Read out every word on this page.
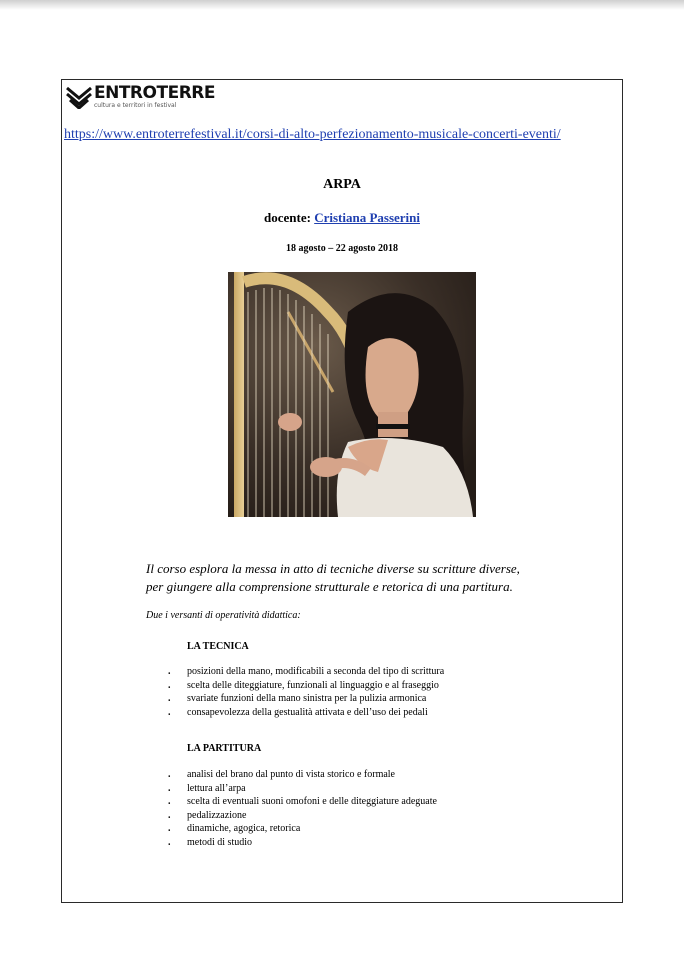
ENTROTERRE
cultura e territori in festival
https://www.entroterrefestival.it/corsi-di-alto-perfezionamento-musicale-concerti-eventi/
ARPA
docente: Cristiana Passerini
18 agosto – 22 agosto 2018
Il corso esplora la messa in atto di tecniche diverse su scritture diverse,
per giungere alla comprensione strutturale e retorica di una partitura.
Due i versanti di operatività didattica:
LA TECNICA
. posizioni della mano, modificabili a seconda del tipo di scrittura
. scelta delle diteggiature, funzionali al linguaggio e al fraseggio
. svariate funzioni della mano sinistra per la pulizia armonica
. consapevolezza della gestualità attivata e dell’uso dei pedali
LA PARTITURA
. analisi del brano dal punto di vista storico e formale
. lettura all’arpa
. scelta di eventuali suoni omofoni e delle diteggiature adeguate
. pedalizzazione
. dinamiche, agogica, retorica
. metodi di studio
